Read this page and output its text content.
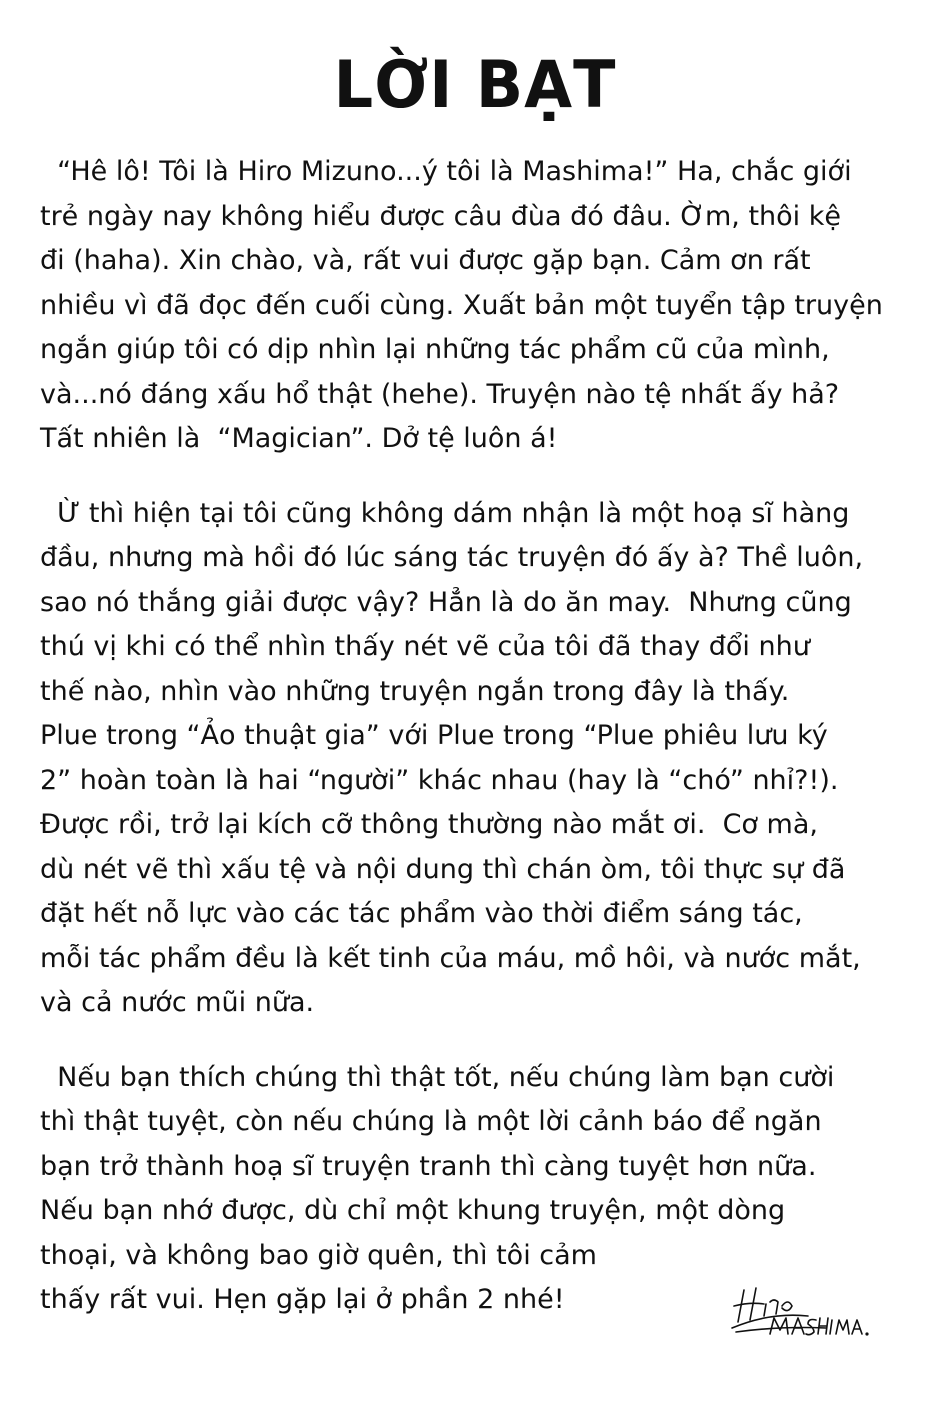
LỜI BẠT
“Hê lô! Tôi là Hiro Mizuno...ý tôi là Mashima!” Ha, chắc giới
trẻ ngày nay không hiểu được câu đùa đó đâu. Ờm, thôi kệ
đi (haha). Xin chào, và, rất vui được gặp bạn. Cảm ơn rất
nhiều vì đã đọc đến cuối cùng. Xuất bản một tuyển tập truyện
ngắn giúp tôi có dịp nhìn lại những tác phẩm cũ của mình,
và...nó đáng xấu hổ thật (hehe). Truyện nào tệ nhất ấy hả?
Tất nhiên là  “Magician”. Dở tệ luôn á!
Ừ thì hiện tại tôi cũng không dám nhận là một hoạ sĩ hàng
đầu, nhưng mà hồi đó lúc sáng tác truyện đó ấy à? Thề luôn,
sao nó thắng giải được vậy? Hẳn là do ăn may.  Nhưng cũng
thú vị khi có thể nhìn thấy nét vẽ của tôi đã thay đổi như
thế nào, nhìn vào những truyện ngắn trong đây là thấy.
Plue trong “Ảo thuật gia” với Plue trong “Plue phiêu lưu ký
2” hoàn toàn là hai “người” khác nhau (hay là “chó” nhỉ?!).
Được rồi, trở lại kích cỡ thông thường nào mắt ơi.  Cơ mà,
dù nét vẽ thì xấu tệ và nội dung thì chán òm, tôi thực sự đã
đặt hết nỗ lực vào các tác phẩm vào thời điểm sáng tác,
mỗi tác phẩm đều là kết tinh của máu, mồ hôi, và nước mắt,
và cả nước mũi nữa.
Nếu bạn thích chúng thì thật tốt, nếu chúng làm bạn cười
thì thật tuyệt, còn nếu chúng là một lời cảnh báo để ngăn
bạn trở thành hoạ sĩ truyện tranh thì càng tuyệt hơn nữa.
Nếu bạn nhớ được, dù chỉ một khung truyện, một dòng
thoại, và không bao giờ quên, thì tôi cảm
thấy rất vui. Hẹn gặp lại ở phần 2 nhé!
